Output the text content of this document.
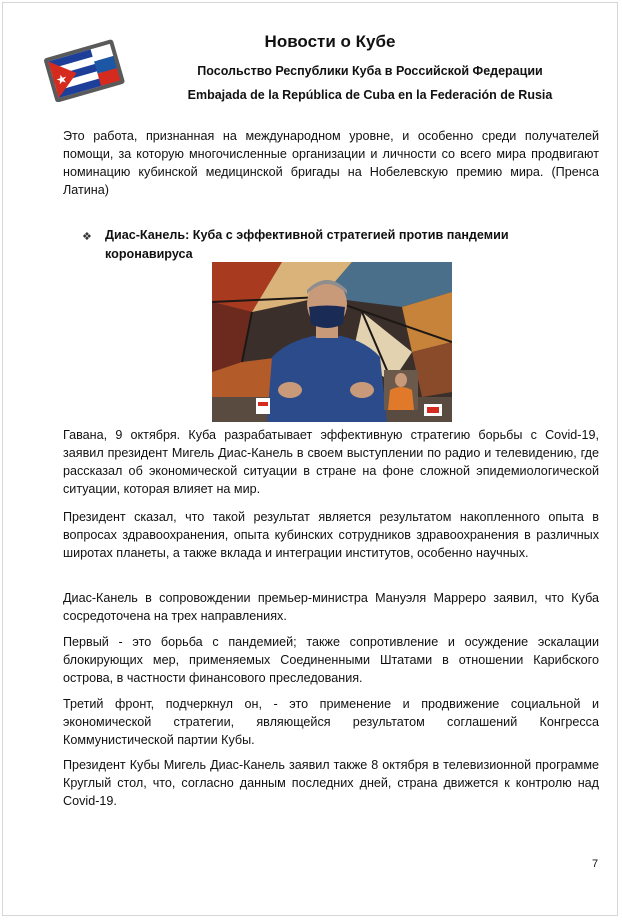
Новости о Кубе
Посольство Республики Куба в Российской Федерации
Embajada de la República de Cuba en la Federación de Rusia

Это работа, признанная на международном уровне, и особенно среди получателей помощи, за которую многочисленные организации и личности со всего мира продвигают номинацию кубинской медицинской бригады на Нобелевскую премию мира. (Пренса Латина)

❖ Диас-Канель: Куба с эффективной стратегией против пандемии коронавируса

Гавана, 9 октября. Куба разрабатывает эффективную стратегию борьбы с Covid-19, заявил президент Мигель Диас-Канель в своем выступлении по радио и телевидению, где рассказал об экономической ситуации в стране на фоне сложной эпидемиологической ситуации, которая влияет на мир.

Президент сказал, что такой результат является результатом накопленного опыта в вопросах здравоохранения, опыта кубинских сотрудников здравоохранения в различных широтах планеты, а также вклада и интеграции институтов, особенно научных.

Диас-Канель в сопровождении премьер-министра Мануэля Марреро заявил, что Куба сосредоточена на трех направлениях.

Первый - это борьба с пандемией; также сопротивление и осуждение эскалации блокирующих мер, применяемых Соединенными Штатами в отношении Карибского острова, в частности финансового преследования.

Третий фронт, подчеркнул он, - это применение и продвижение социальной и экономической стратегии, являющейся результатом соглашений Конгресса Коммунистической партии Кубы.

Президент Кубы Мигель Диас-Канель заявил также 8 октября в телевизионной программе Круглый стол, что, согласно данным последних дней, страна движется к контролю над Covid-19.

7
